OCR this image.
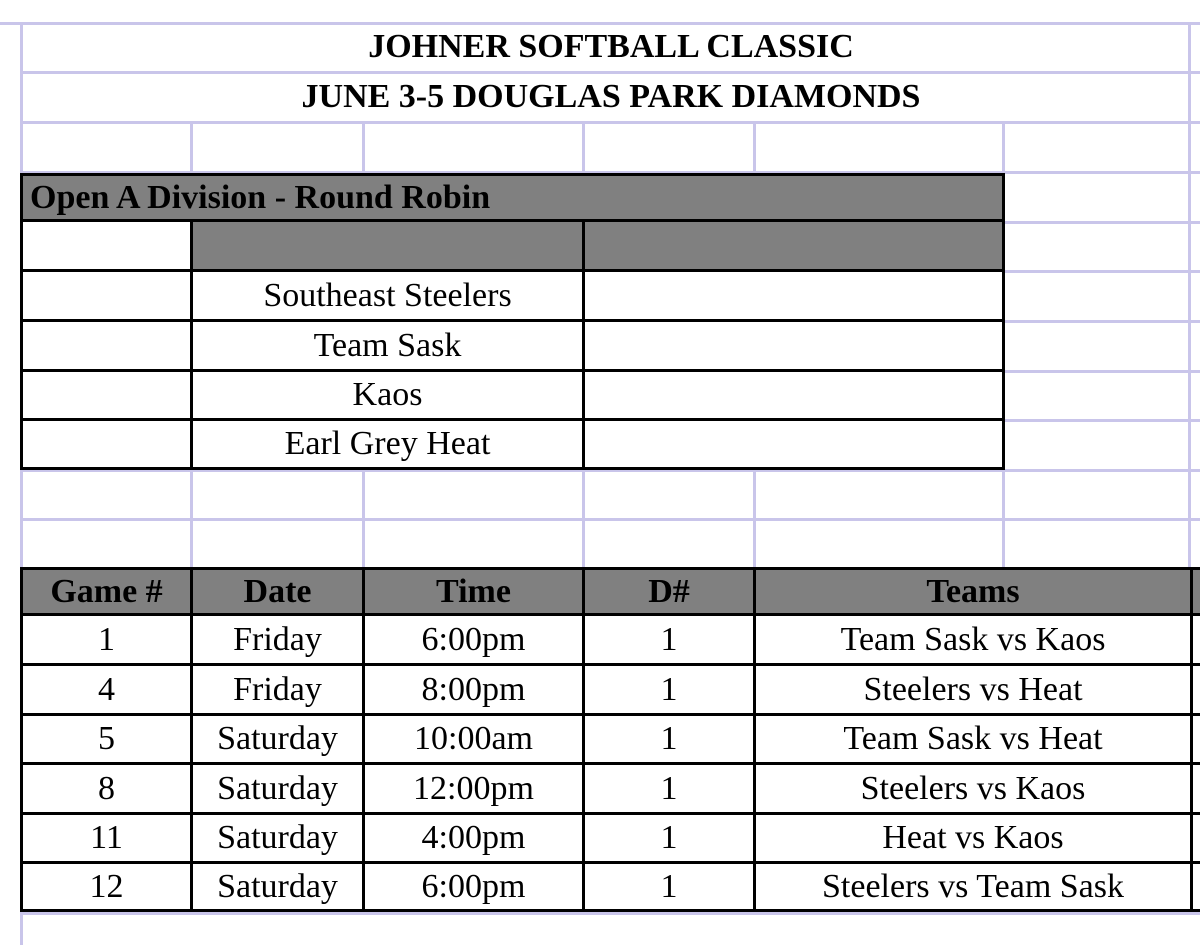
JOHNER SOFTBALL CLASSIC
JUNE 3-5 DOUGLAS PARK DIAMONDS
Open A Division - Round Robin
Southeast Steelers
Team Sask
Kaos
Earl Grey Heat
Game #	Date	Time	D#	Teams
1	Friday	6:00pm	1	Team Sask vs Kaos
4	Friday	8:00pm	1	Steelers vs Heat
5	Saturday	10:00am	1	Team Sask vs Heat
8	Saturday	12:00pm	1	Steelers vs Kaos
11	Saturday	4:00pm	1	Heat vs Kaos
12	Saturday	6:00pm	1	Steelers vs Team Sask
